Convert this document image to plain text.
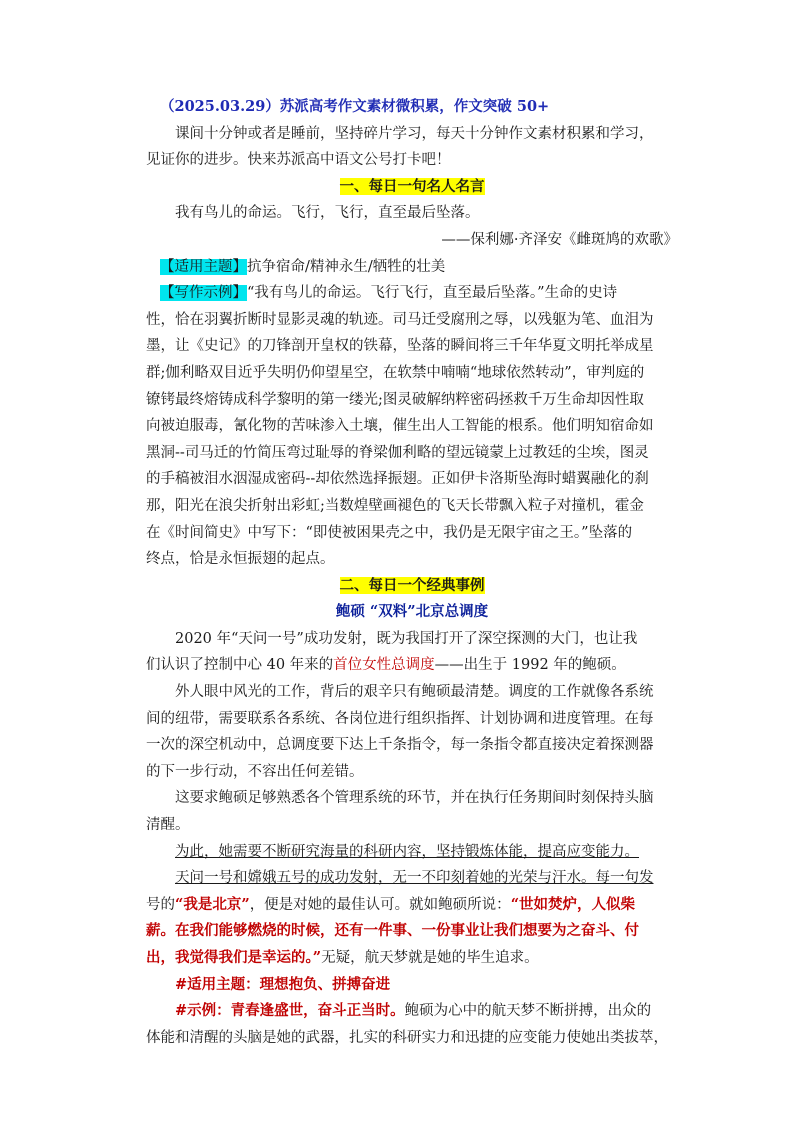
（2025.03.29）苏派高考作文素材微积累，作文突破 50+
课间十分钟或者是睡前，坚持碎片学习，每天十分钟作文素材积累和学习，
见证你的进步。快来苏派高中语文公号打卡吧！
一、每日一句名人名言
我有鸟儿的命运。飞行，飞行，直至最后坠落。
——保利娜·齐泽安《雌斑鸠的欢歌》
【适用主题】抗争宿命/精神永生/牺牲的壮美
【写作示例】“我有鸟儿的命运。飞行飞行，直至最后坠落。”生命的史诗
性，恰在羽翼折断时显影灵魂的轨迹。司马迁受腐刑之辱，以残躯为笔、血泪为
墨，让《史记》的刀锋剖开皇权的铁幕，坠落的瞬间将三千年华夏文明托举成星
群;伽利略双目近乎失明仍仰望星空，在软禁中喃喃“地球依然转动”，审判庭的
镣铐最终熔铸成科学黎明的第一缕光;图灵破解纳粹密码拯救千万生命却因性取
向被迫服毒，氰化物的苦味渗入土壤，催生出人工智能的根系。他们明知宿命如
黑洞--司马迁的竹简压弯过耻辱的脊梁伽利略的望远镜蒙上过教廷的尘埃，图灵
的手稿被泪水洇湿成密码--却依然选择振翅。正如伊卡洛斯坠海时蜡翼融化的刹
那，阳光在浪尖折射出彩虹;当数煌壁画褪色的飞天长带飘入粒子对撞机，霍金
在《时间简史》中写下：“即使被困果壳之中，我仍是无限宇宙之王。”坠落的
终点，恰是永恒振翅的起点。
二、每日一个经典事例
鲍硕 “双料”北京总调度
2020 年“天问一号”成功发射，既为我国打开了深空探测的大门，也让我
们认识了控制中心 40 年来的首位女性总调度——出生于 1992 年的鲍硕。
外人眼中风光的工作，背后的艰辛只有鲍硕最清楚。调度的工作就像各系统
间的纽带，需要联系各系统、各岗位进行组织指挥、计划协调和进度管理。在每
一次的深空机动中，总调度要下达上千条指令，每一条指令都直接决定着探测器
的下一步行动，不容出任何差错。
这要求鲍硕足够熟悉各个管理系统的环节，并在执行任务期间时刻保持头脑
清醒。
为此，她需要不断研究海量的科研内容，坚持锻炼体能，提高应变能力。
天问一号和嫦娥五号的成功发射，无一不印刻着她的光荣与汗水。每一句发
号的“我是北京”，便是对她的最佳认可。就如鲍硕所说：“世如焚炉，人似柴
薪。在我们能够燃烧的时候，还有一件事、一份事业让我们想要为之奋斗、付
出，我觉得我们是幸运的。”无疑，航天梦就是她的毕生追求。
#适用主题：理想抱负、拼搏奋进
#示例：青春逢盛世，奋斗正当时。鲍硕为心中的航天梦不断拼搏，出众的
体能和清醒的头脑是她的武器，扎实的科研实力和迅捷的应变能力使她出类拔萃，
